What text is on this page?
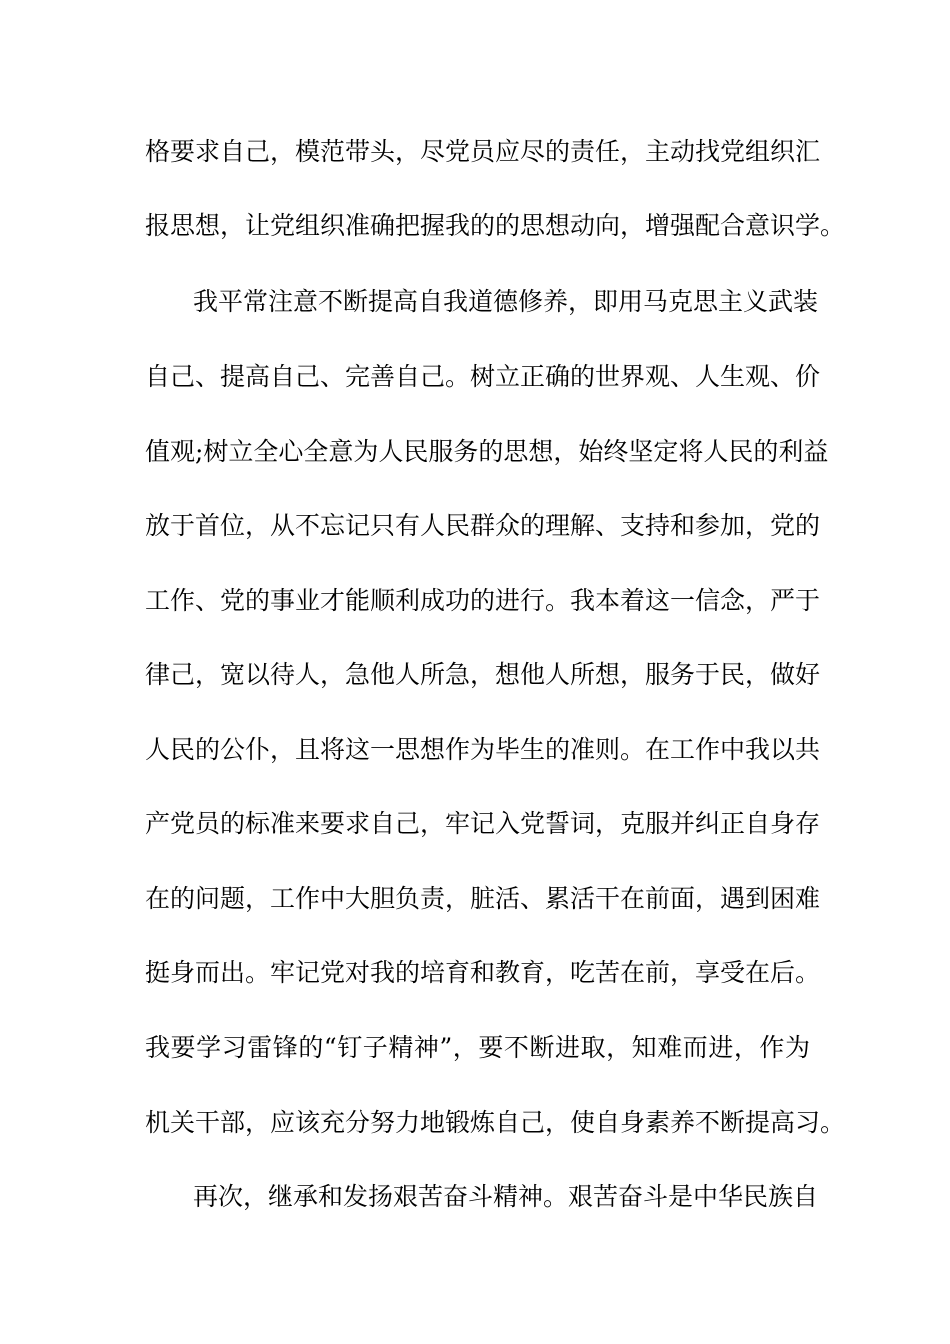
格要求自己，模范带头，尽党员应尽的责任，主动找党组织汇
报思想，让党组织准确把握我的的思想动向，增强配合意识学。
我平常注意不断提高自我道德修养，即用马克思主义武装
自己、提高自己、完善自己。树立正确的世界观、人生观、价
值观;树立全心全意为人民服务的思想，始终坚定将人民的利益
放于首位，从不忘记只有人民群众的理解、支持和参加，党的
工作、党的事业才能顺利成功的进行。我本着这一信念，严于
律己，宽以待人，急他人所急，想他人所想，服务于民，做好
人民的公仆，且将这一思想作为毕生的准则。在工作中我以共
产党员的标准来要求自己，牢记入党誓词，克服并纠正自身存
在的问题，工作中大胆负责，脏活、累活干在前面，遇到困难
挺身而出。牢记党对我的培育和教育，吃苦在前，享受在后。
我要学习雷锋的“钉子精神”，要不断进取，知难而进，作为
机关干部，应该充分努力地锻炼自己，使自身素养不断提高习。
再次，继承和发扬艰苦奋斗精神。艰苦奋斗是中华民族自
